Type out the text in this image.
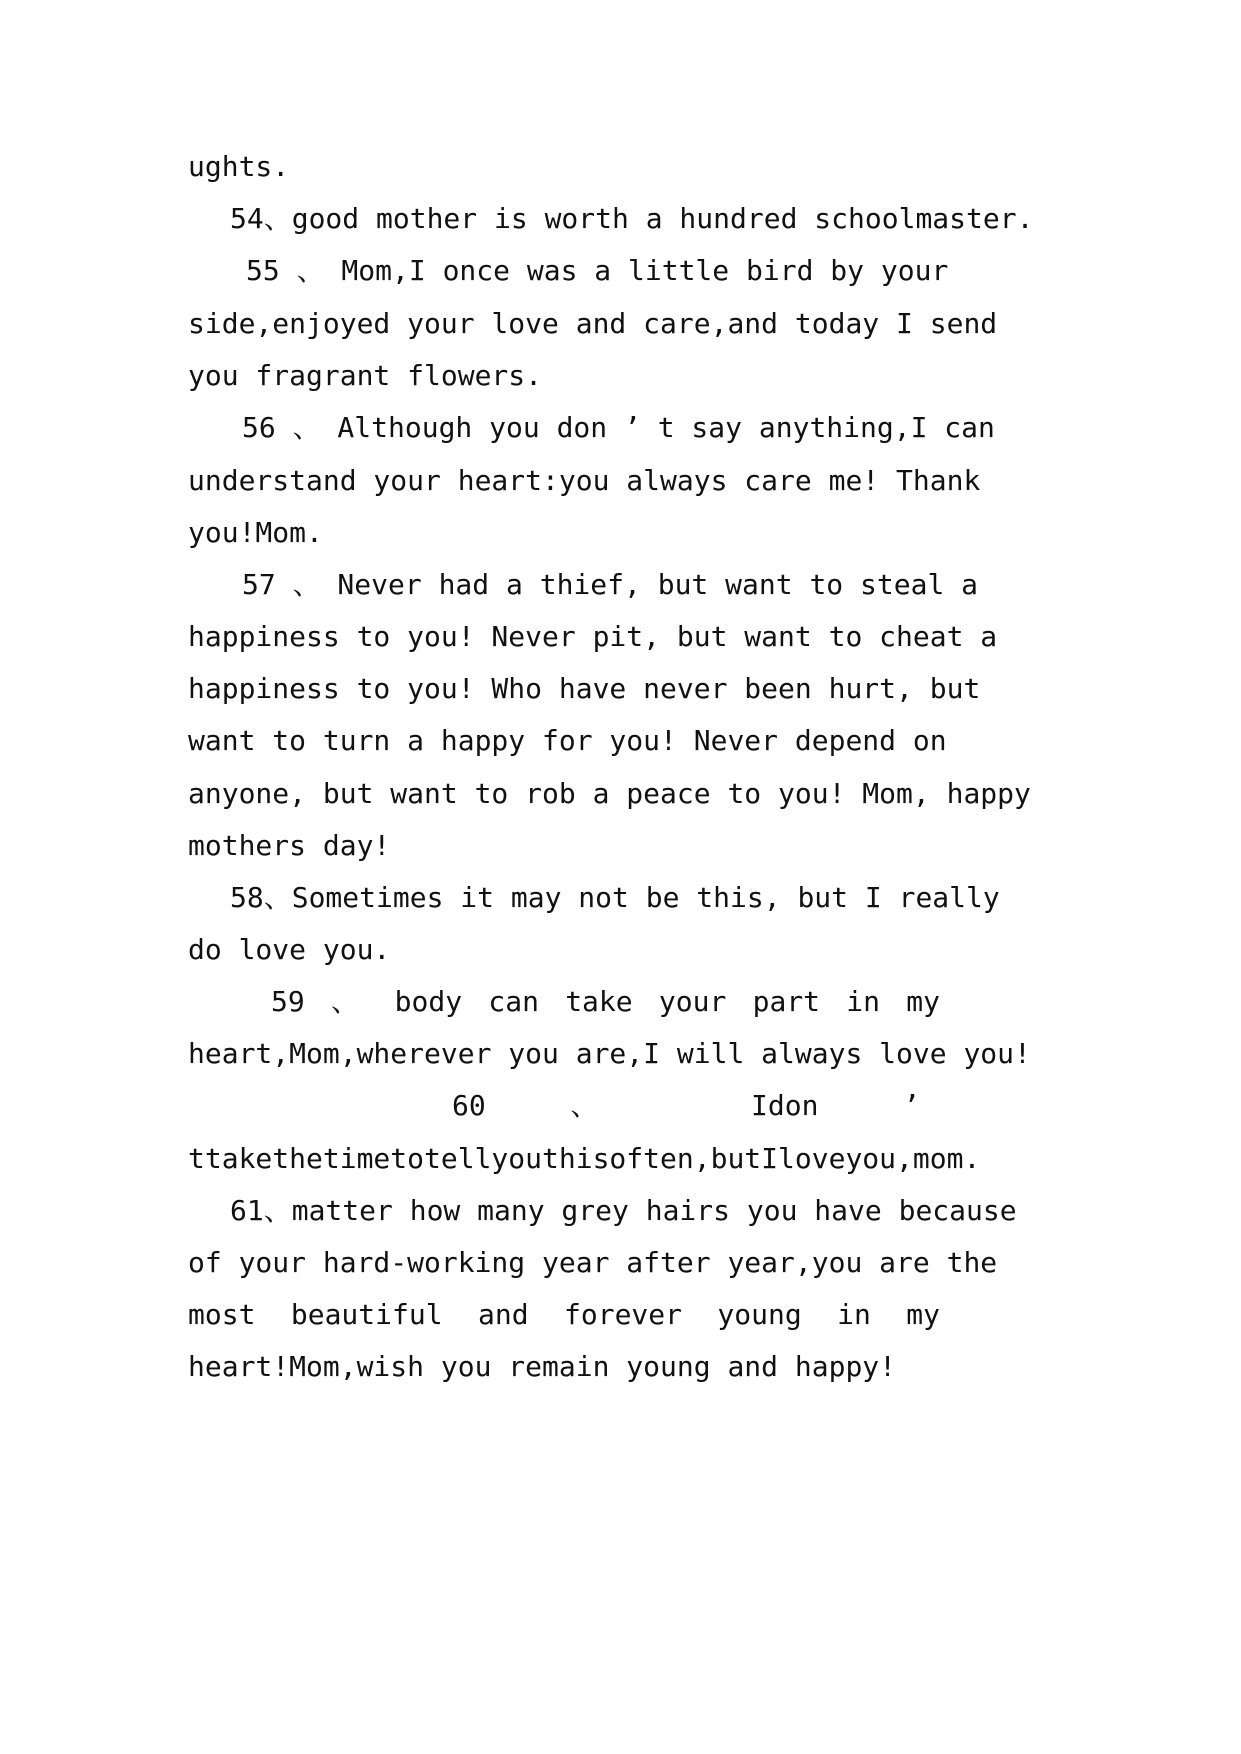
ughts.
54、good mother is worth a hundred schoolmaster.
55 、 Mom,I once was a little bird by your
side,enjoyed your love and care,and today I send
you fragrant flowers.
56 、 Although you don ’ t say anything,I can
understand your heart:you always care me! Thank
you!Mom.
57 、 Never had a thief, but want to steal a
happiness to you! Never pit, but want to cheat a
happiness to you! Who have never been hurt, but
want to turn a happy for you! Never depend on
anyone, but want to rob a peace to you! Mom, happy
mothers day!
58、Sometimes it may not be this, but I really
do love you.
59 、 body can take your part in my
heart,Mom,wherever you are,I will always love you!
60 、 Idon ’
ttakethetimetotellyouthisoften,butIloveyou,mom.
61、matter how many grey hairs you have because
of your hard-working year after year,you are the
most beautiful and forever young in my
heart!Mom,wish you remain young and happy!
